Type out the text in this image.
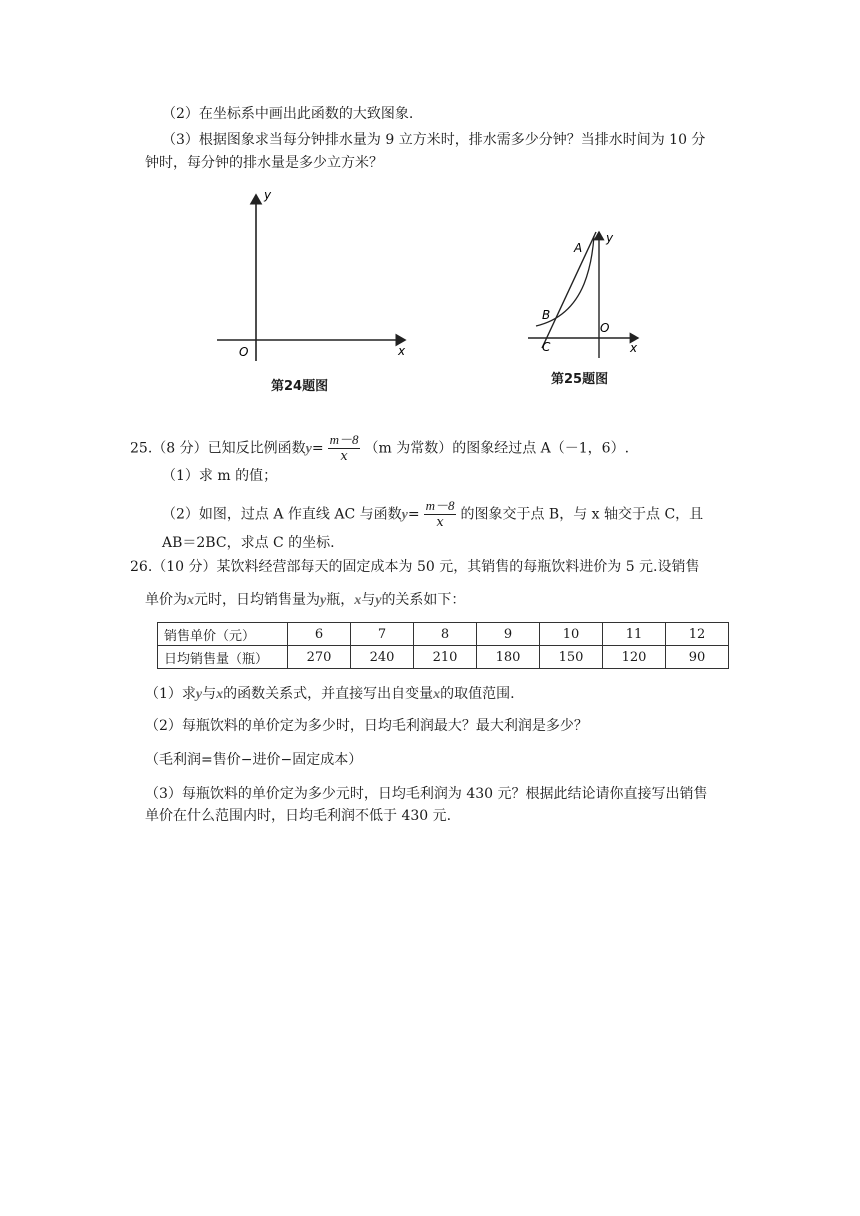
（2）在坐标系中画出此函数的大致图象.
（3）根据图象求当每分钟排水量为 9 立方米时，排水需多少分钟？当排水时间为 10 分
钟时，每分钟的排水量是多少立方米？
y
x
O
第24题图
y
x
O
A
B
C
第25题图
25.（8 分）已知反比例函数$y= \frac{m-8}{x} (m$ 为常数）的图象经过点 A（－1，6）.
（1）求 m 的值；
（2）如图，过点 A 作直线 AC 与函数$y= \frac{m-8}{x}$ 的图象交于点 B，与 x 轴交于点 C，且
AB＝2BC，求点 C 的坐标.
26.（10 分）某饮料经营部每天的固定成本为 50 元，其销售的每瓶饮料进价为 5 元.设销售
单价为x元时，日均销售量为y瓶，x与y的关系如下：
销售单价（元）	6	7	8	9	10	11	12
日均销售量（瓶）	270	240	210	180	150	120	90
（1）求y与x的函数关系式，并直接写出自变量x的取值范围.
（2）每瓶饮料的单价定为多少时，日均毛利润最大？最大利润是多少？
（毛利润=售价−进价−固定成本）
（3）每瓶饮料的单价定为多少元时，日均毛利润为 430 元？根据此结论请你直接写出销售
单价在什么范围内时，日均毛利润不低于 430 元.
